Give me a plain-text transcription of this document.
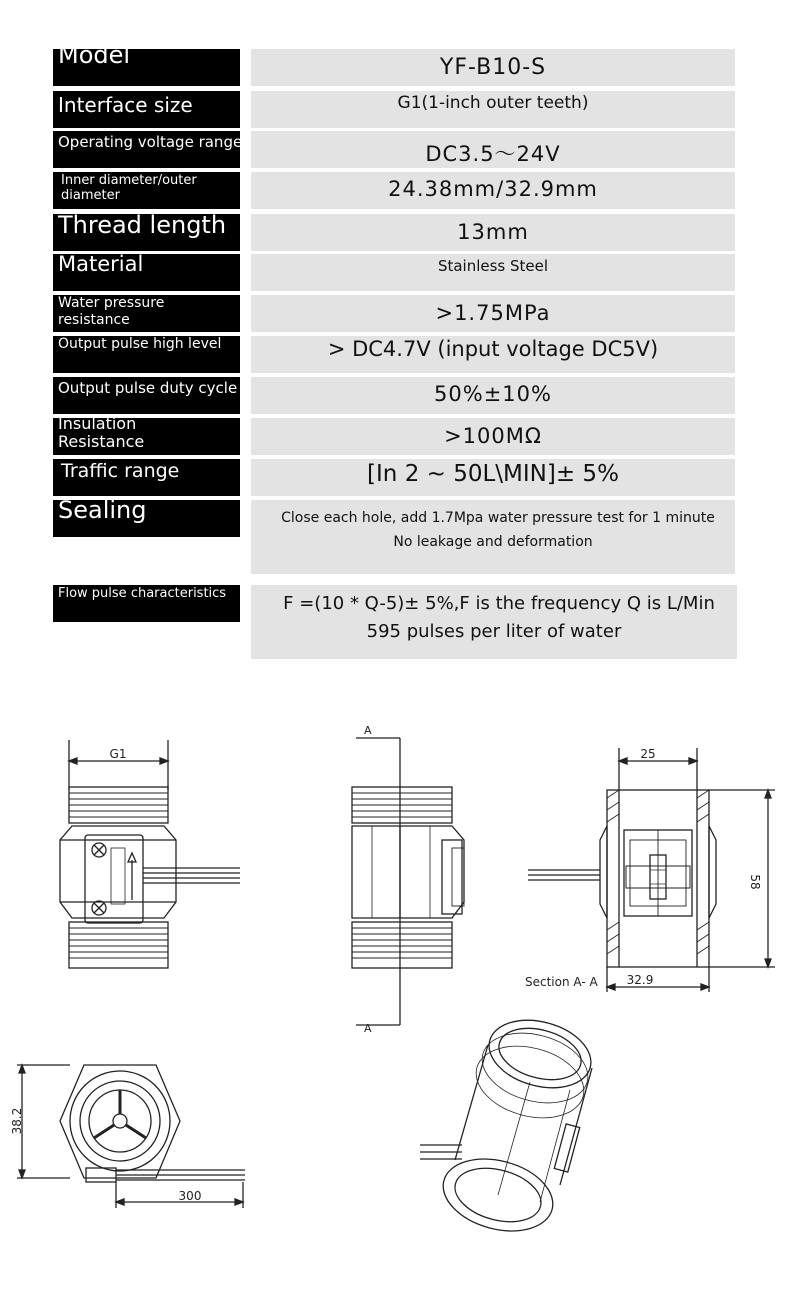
Model	YF-B10-S
Interface size	G1(1-inch outer teeth)
Operating voltage range	DC3.5～24V
Inner diameter/outer diameter	24.38mm/32.9mm
Thread length	13mm
Material	Stainless Steel
Water pressure resistance	>1.75MPa
Output pulse high level	> DC4.7V (input voltage DC5V)
Output pulse duty cycle	50%±10%
Insulation Resistance	>100MΩ
Traffic range	[In 2 ~ 50L\MIN]± 5%
Sealing	Close each hole, add 1.7Mpa water pressure test for 1 minute
No leakage and deformation
Flow pulse characteristics	F =(10 * Q-5)± 5%,F is the frequency Q is L/Min
595 pulses per liter of water
G1
A
A
25
58
32.9
Section A- A
38.2
300
